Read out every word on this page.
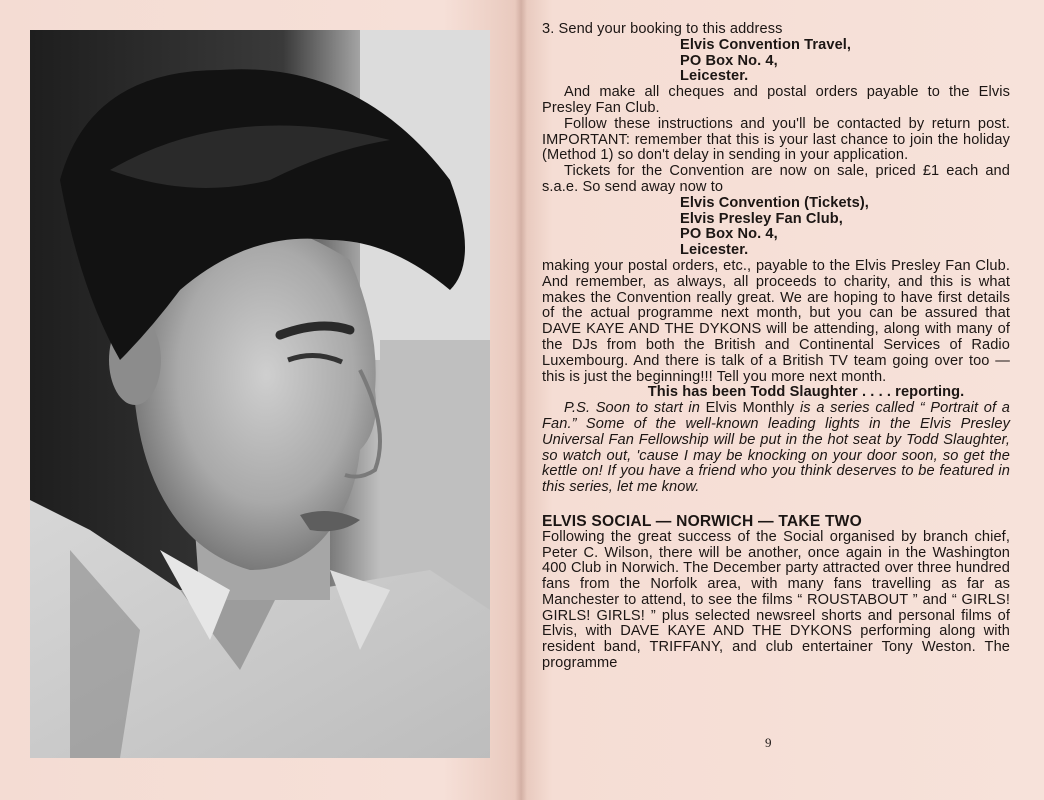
3. Send your booking to this address

Elvis Convention Travel,
PO Box No. 4,
Leicester.

And make all cheques and postal orders payable to the Elvis Presley Fan Club.

Follow these instructions and you'll be contacted by return post. IMPORTANT: remember that this is your last chance to join the holiday (Method 1) so don't delay in sending in your application.

Tickets for the Convention are now on sale, priced £1 each and s.a.e. So send away now to

Elvis Convention (Tickets),
Elvis Presley Fan Club,
PO Box No. 4,
Leicester.

making your postal orders, etc., payable to the Elvis Presley Fan Club. And remember, as always, all proceeds to charity, and this is what makes the Convention really great. We are hoping to have first details of the actual programme next month, but you can be assured that DAVE KAYE AND THE DYKONS will be attending, along with many of the DJs from both the British and Continental Services of Radio Luxembourg. And there is talk of a British TV team going over too — this is just the beginning!!! Tell you more next month.

This has been Todd Slaughter . . . . reporting.

P.S. Soon to start in Elvis Monthly is a series called “ Portrait of a Fan.” Some of the well-known leading lights in the Elvis Presley Universal Fan Fellowship will be put in the hot seat by Todd Slaughter, so watch out, 'cause I may be knocking on your door soon, so get the kettle on! If you have a friend who you think deserves to be featured in this series, let me know.

ELVIS SOCIAL — NORWICH — TAKE TWO

Following the great success of the Social organised by branch chief, Peter C. Wilson, there will be another, once again in the Washington 400 Club in Norwich. The December party attracted over three hundred fans from the Norfolk area, with many fans travelling as far as Manchester to attend, to see the films “ ROUSTABOUT ” and “ GIRLS! GIRLS! GIRLS! ” plus selected newsreel shorts and personal films of Elvis, with DAVE KAYE AND THE DYKONS performing along with resident band, TRIFFANY, and club entertainer Tony Weston. The programme

9
